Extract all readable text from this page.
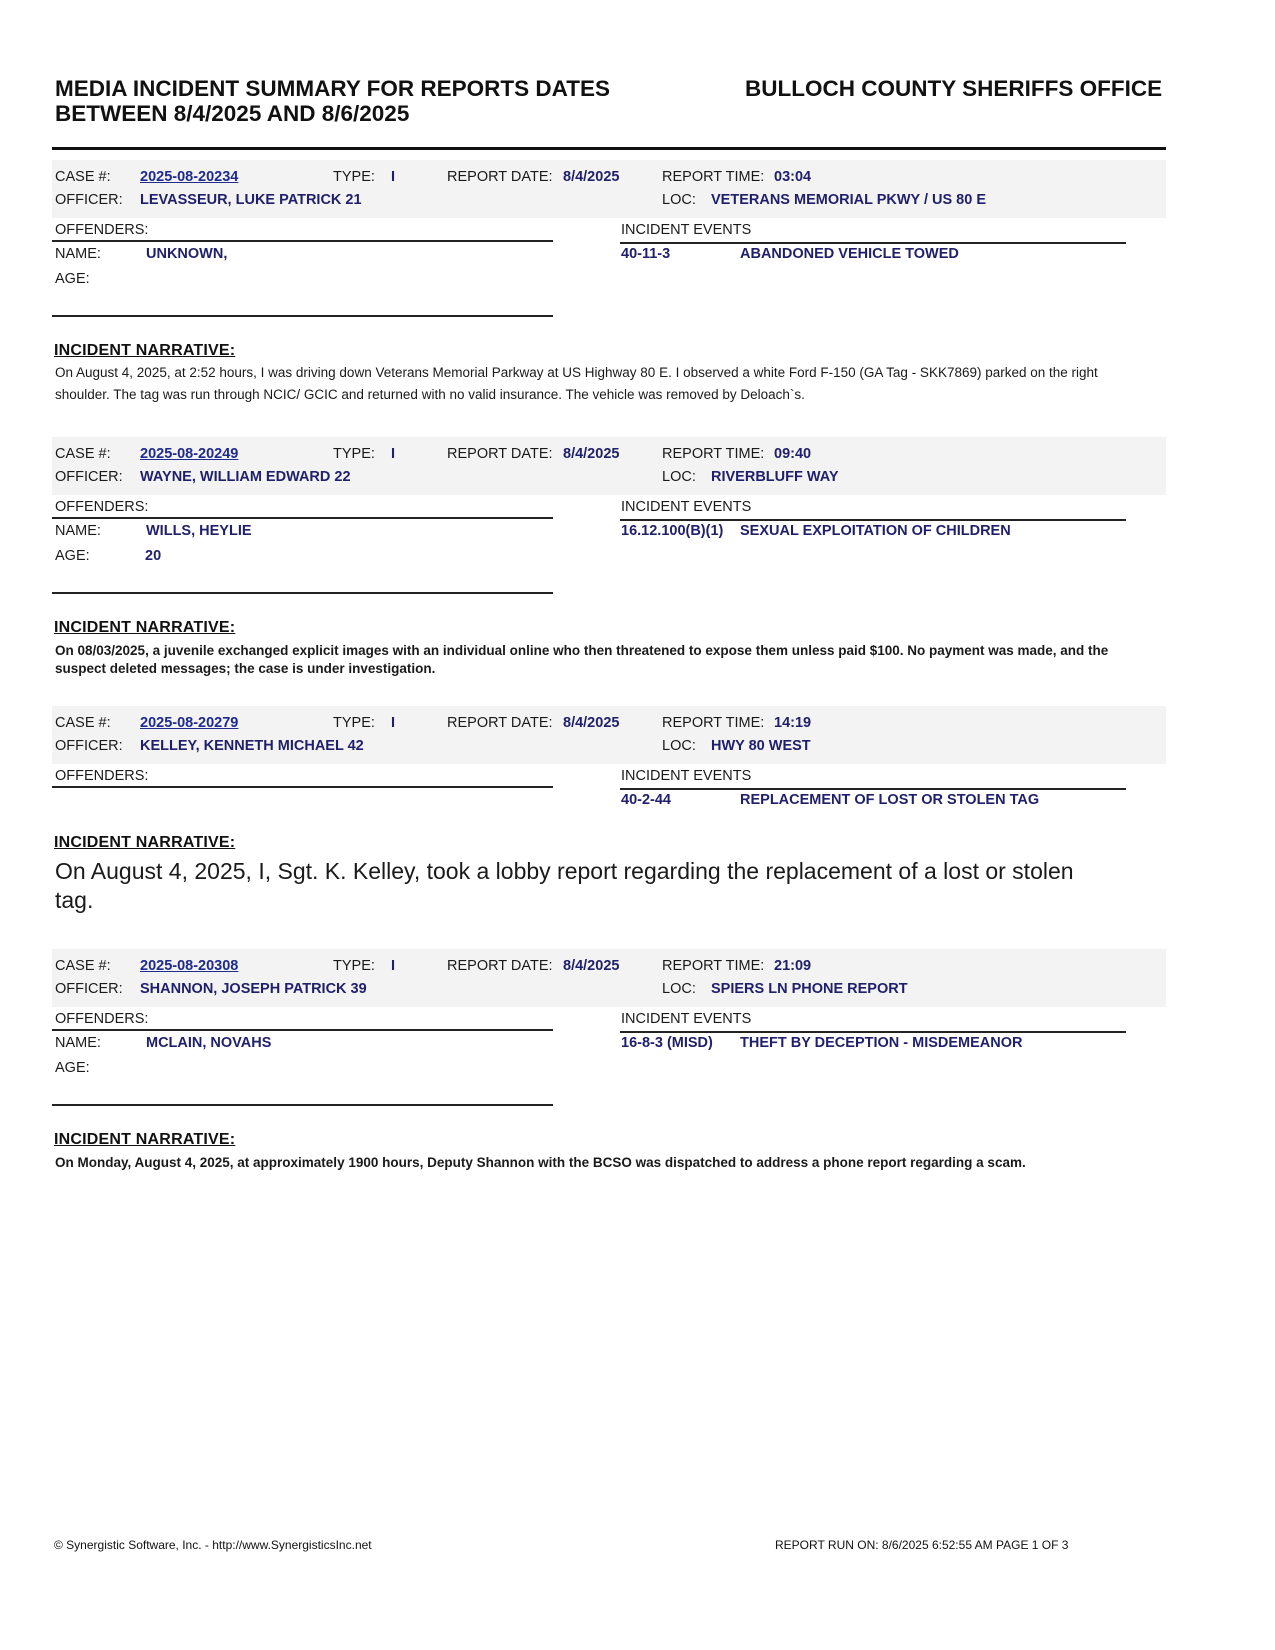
MEDIA INCIDENT SUMMARY FOR REPORTS DATES BETWEEN 8/4/2025 AND 8/6/2025
BULLOCH COUNTY SHERIFFS OFFICE
CASE #: 2025-08-20234	TYPE: I	REPORT DATE: 8/4/2025	REPORT TIME: 03:04
OFFICER: LEVASSEUR, LUKE PATRICK 21	LOC: VETERANS MEMORIAL PKWY / US 80 E
OFFENDERS:	INCIDENT EVENTS
NAME:	UNKNOWN,
AGE:
40-11-3	ABANDONED VEHICLE TOWED
INCIDENT NARRATIVE:
On August 4, 2025, at 2:52 hours, I was driving down Veterans Memorial Parkway at US Highway 80 E. I observed a white Ford F-150 (GA Tag - SKK7869) parked on the right shoulder. The tag was run through NCIC/ GCIC and returned with no valid insurance. The vehicle was removed by Deloach`s.
CASE #: 2025-08-20249	TYPE: I	REPORT DATE: 8/4/2025	REPORT TIME: 09:40
OFFICER: WAYNE, WILLIAM EDWARD 22	LOC: RIVERBLUFF WAY
OFFENDERS:	INCIDENT EVENTS
NAME:	WILLS, HEYLIE
AGE:	20
16.12.100(B)(1) SEXUAL EXPLOITATION OF CHILDREN
INCIDENT NARRATIVE:
On 08/03/2025, a juvenile exchanged explicit images with an individual online who then threatened to expose them unless paid $100. No payment was made, and the suspect deleted messages; the case is under investigation.
CASE #: 2025-08-20279	TYPE: I	REPORT DATE: 8/4/2025	REPORT TIME: 14:19
OFFICER: KELLEY, KENNETH MICHAEL 42	LOC: HWY 80 WEST
OFFENDERS:	INCIDENT EVENTS
40-2-44	REPLACEMENT OF LOST OR STOLEN TAG
INCIDENT NARRATIVE:
On August 4, 2025, I, Sgt. K. Kelley, took a lobby report regarding the replacement of a lost or stolen tag.
CASE #: 2025-08-20308	TYPE: I	REPORT DATE: 8/4/2025	REPORT TIME: 21:09
OFFICER: SHANNON, JOSEPH PATRICK 39	LOC: SPIERS LN PHONE REPORT
OFFENDERS:	INCIDENT EVENTS
NAME:	MCLAIN, NOVAHS
AGE:
16-8-3 (MISD) THEFT BY DECEPTION - MISDEMEANOR
INCIDENT NARRATIVE:
On Monday, August 4, 2025, at approximately 1900 hours, Deputy Shannon with the BCSO was dispatched to address a phone report regarding a scam.
© Synergistic Software, Inc. - http://www.SynergisticsInc.net	REPORT RUN ON: 8/6/2025 6:52:55 AM PAGE 1 OF 3
